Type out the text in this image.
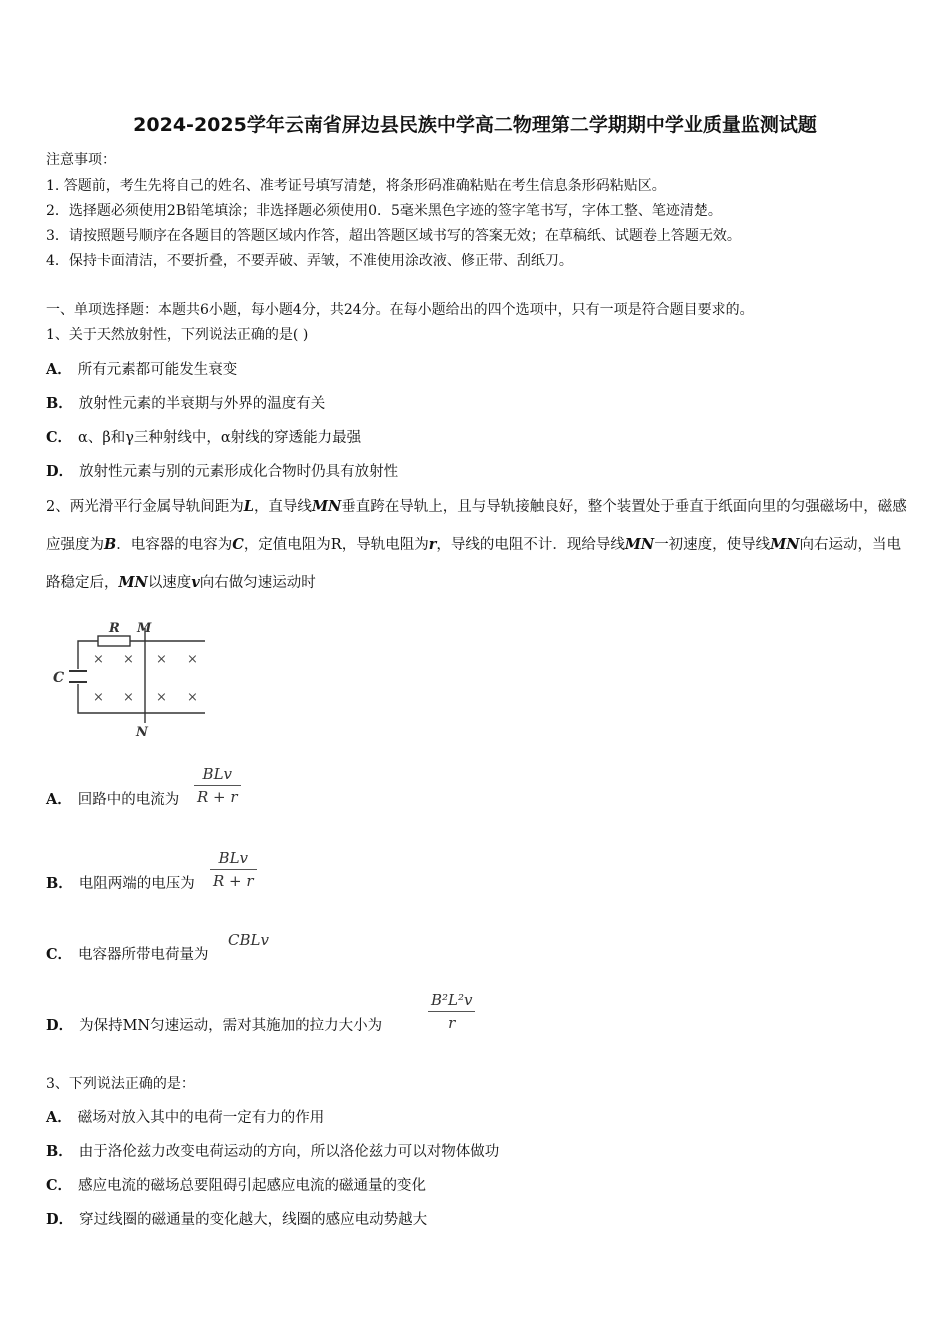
2024-2025学年云南省屏边县民族中学高二物理第二学期期中学业质量监测试题
注意事项：
1. 答题前，考生先将自己的姓名、准考证号填写清楚，将条形码准确粘贴在考生信息条形码粘贴区。
2．选择题必须使用2B铅笔填涂；非选择题必须使用0．5毫米黑色字迹的签字笔书写，字体工整、笔迹清楚。
3．请按照题号顺序在各题目的答题区域内作答，超出答题区域书写的答案无效；在草稿纸、试题卷上答题无效。
4．保持卡面清洁，不要折叠，不要弄破、弄皱，不准使用涂改液、修正带、刮纸刀。
一、单项选择题：本题共6小题，每小题4分，共24分。在每小题给出的四个选项中，只有一项是符合题目要求的。
1、关于天然放射性，下列说法正确的是( )
A． 所有元素都可能发生衰变
B． 放射性元素的半衰期与外界的温度有关
C． α、β和γ三种射线中，α射线的穿透能力最强
D． 放射性元素与别的元素形成化合物时仍具有放射性
2、两光滑平行金属导轨间距为L，直导线MN垂直跨在导轨上，且与导轨接触良好，整个装置处于垂直于纸面向里的匀强磁场中，磁感应强度为B．电容器的电容为C，定值电阻为R，导轨电阻为r，导线的电阻不计．现给导线MN一初速度，使导线MN向右运动，当电路稳定后，MN以速度v向右做匀速运动时
R M
C
N
× × × ×
× × × ×
A． 回路中的电流为
BLv
R + r
B． 电阻两端的电压为
BLv
R + r
C． 电容器所带电荷量为
CBLv
D． 为保持MN匀速运动，需对其施加的拉力大小为
B²L²v
r
3、下列说法正确的是：
A． 磁场对放入其中的电荷一定有力的作用
B． 由于洛伦兹力改变电荷运动的方向，所以洛伦兹力可以对物体做功
C． 感应电流的磁场总要阻碍引起感应电流的磁通量的变化
D． 穿过线圈的磁通量的变化越大，线圈的感应电动势越大
